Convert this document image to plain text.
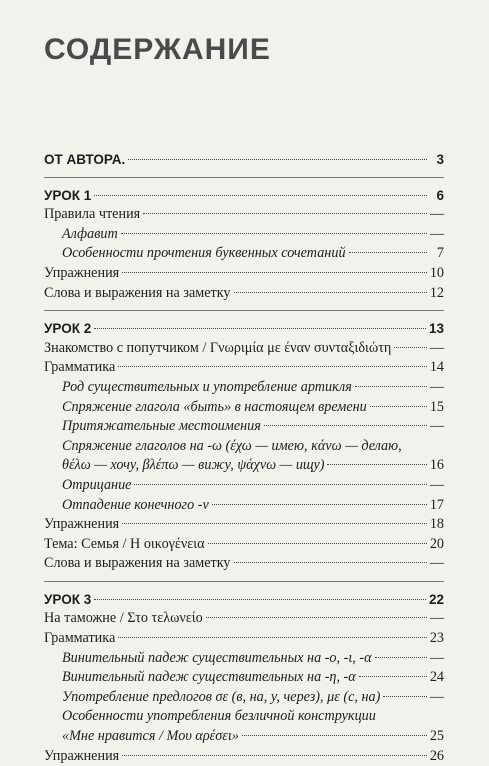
СОДЕРЖАНИЕ
ОТ АВТОРА.	3
УРОК 1	6
Правила чтения	—
Алфавит	—
Особенности прочтения буквенных сочетаний	7
Упражнения	10
Слова и выражения на заметку	12
УРОК 2	13
Знакомство с попутчиком / Γνωριμία με έναν συνταξιδιώτη	—
Грамматика	14
Род существительных и употребление артикля	—
Спряжение глагола «быть» в настоящем времени	15
Притяжательные местоимения	—
Спряжение глаголов на -ω (έχω — имею, κάνω — делаю,
θέλω — хочу, βλέπω — вижу, ψάχνω — ищу)	16
Отрицание	—
Отпадение конечного -ν	17
Упражнения	18
Тема: Семья / Η οικογένεια	20
Слова и выражения на заметку	—
УРОК 3	22
На таможне / Στο τελωνείο	—
Грамматика	23
Винительный падеж существительных на -ο, -ι, -α	—
Винительный падеж существительных на -η, -α	24
Употребление предлогов σε (в, на, у, через), με (с, на)	—
Особенности употребления безличной конструкции
«Мне нравится / Μου αρέσει»	25
Упражнения	26
